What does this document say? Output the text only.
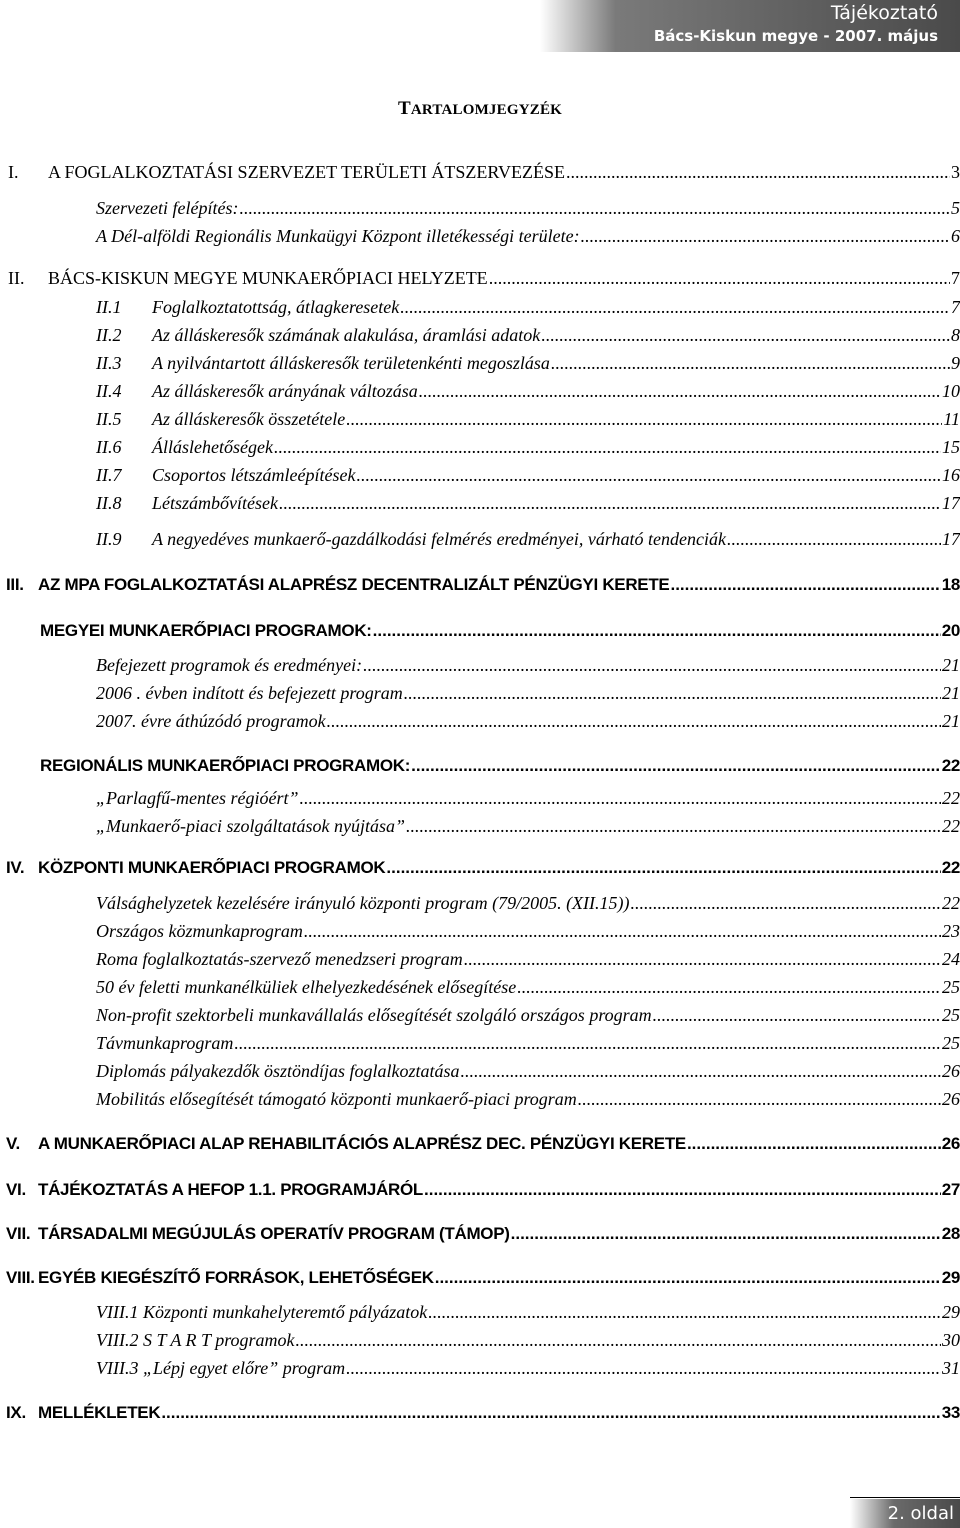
Tájékoztató
Bács-Kiskun megye - 2007. május
TARTALOMJEGYZÉK
I.	A FOGLALKOZTATÁSI SZERVEZET TERÜLETI ÁTSZERVEZÉSE .....	3
Szervezeti felépítés: .....	5
A Dél-alföldi Regionális Munkaügyi Központ illetékességi területe: .....	6
II.	BÁCS-KISKUN MEGYE MUNKAERŐPIACI HELYZETE .....	7
II.1	Foglalkoztatottság, átlagkeresetek .....	7
II.2	Az álláskeresők számának alakulása, áramlási adatok .....	8
II.3	A nyilvántartott álláskeresők területenkénti megoszlása .....	9
II.4	Az álláskeresők arányának változása .....	10
II.5	Az álláskeresők összetétele .....	11
II.6	Álláslehetőségek .....	15
II.7	Csoportos létszámleépítések .....	16
II.8	Létszámbővítések .....	17
II.9	A negyedéves munkaerő-gazdálkodási felmérés eredményei, várható tendenciák .....	17
III. AZ MPA FOGLALKOZTATÁSI ALAPRÉSZ DECENTRALIZÁLT PÉNZÜGYI KERETE .....	18
MEGYEI MUNKAERŐPIACI PROGRAMOK: .....	20
Befejezett programok és eredményei: .....	21
2006 . évben indított és befejezett program .....	21
2007. évre áthúzódó programok .....	21
REGIONÁLIS MUNKAERŐPIACI PROGRAMOK: .....	22
„Parlagfű-mentes régióért” .....	22
„Munkaerő-piaci szolgáltatások nyújtása” .....	22
IV. KÖZPONTI MUNKAERŐPIACI PROGRAMOK .....	22
Válsághelyzetek kezelésére irányuló központi program (79/2005. (XII.15)) .....	22
Országos közmunkaprogram .....	23
Roma foglalkoztatás-szervező menedzseri program .....	24
50 év feletti munkanélküliek elhelyezkedésének elősegítése .....	25
Non-profit szektorbeli munkavállalás elősegítését szolgáló országos program .....	25
Távmunkaprogram .....	25
Diplomás pályakezdők ösztöndíjas foglalkoztatása .....	26
Mobilitás elősegítését támogató központi munkaerő-piaci program .....	26
V.	A MUNKAERŐPIACI ALAP REHABILITÁCIÓS ALAPRÉSZ DEC. PÉNZÜGYI KERETE .....	26
VI. TÁJÉKOZTATÁS A HEFOP 1.1. PROGRAMJÁRÓL .....	27
VII. TÁRSADALMI MEGÚJULÁS OPERATÍV PROGRAM (TÁMOP) .....	28
VIII. EGYÉB KIEGÉSZÍTŐ FORRÁSOK, LEHETŐSÉGEK .....	29
VIII.1 Központi munkahelyteremtő pályázatok .....	29
VIII.2 S T A R T programok .....	30
VIII.3 „Lépj egyet előre” program .....	31
IX. MELLÉKLETEK .....	33
2. oldal
